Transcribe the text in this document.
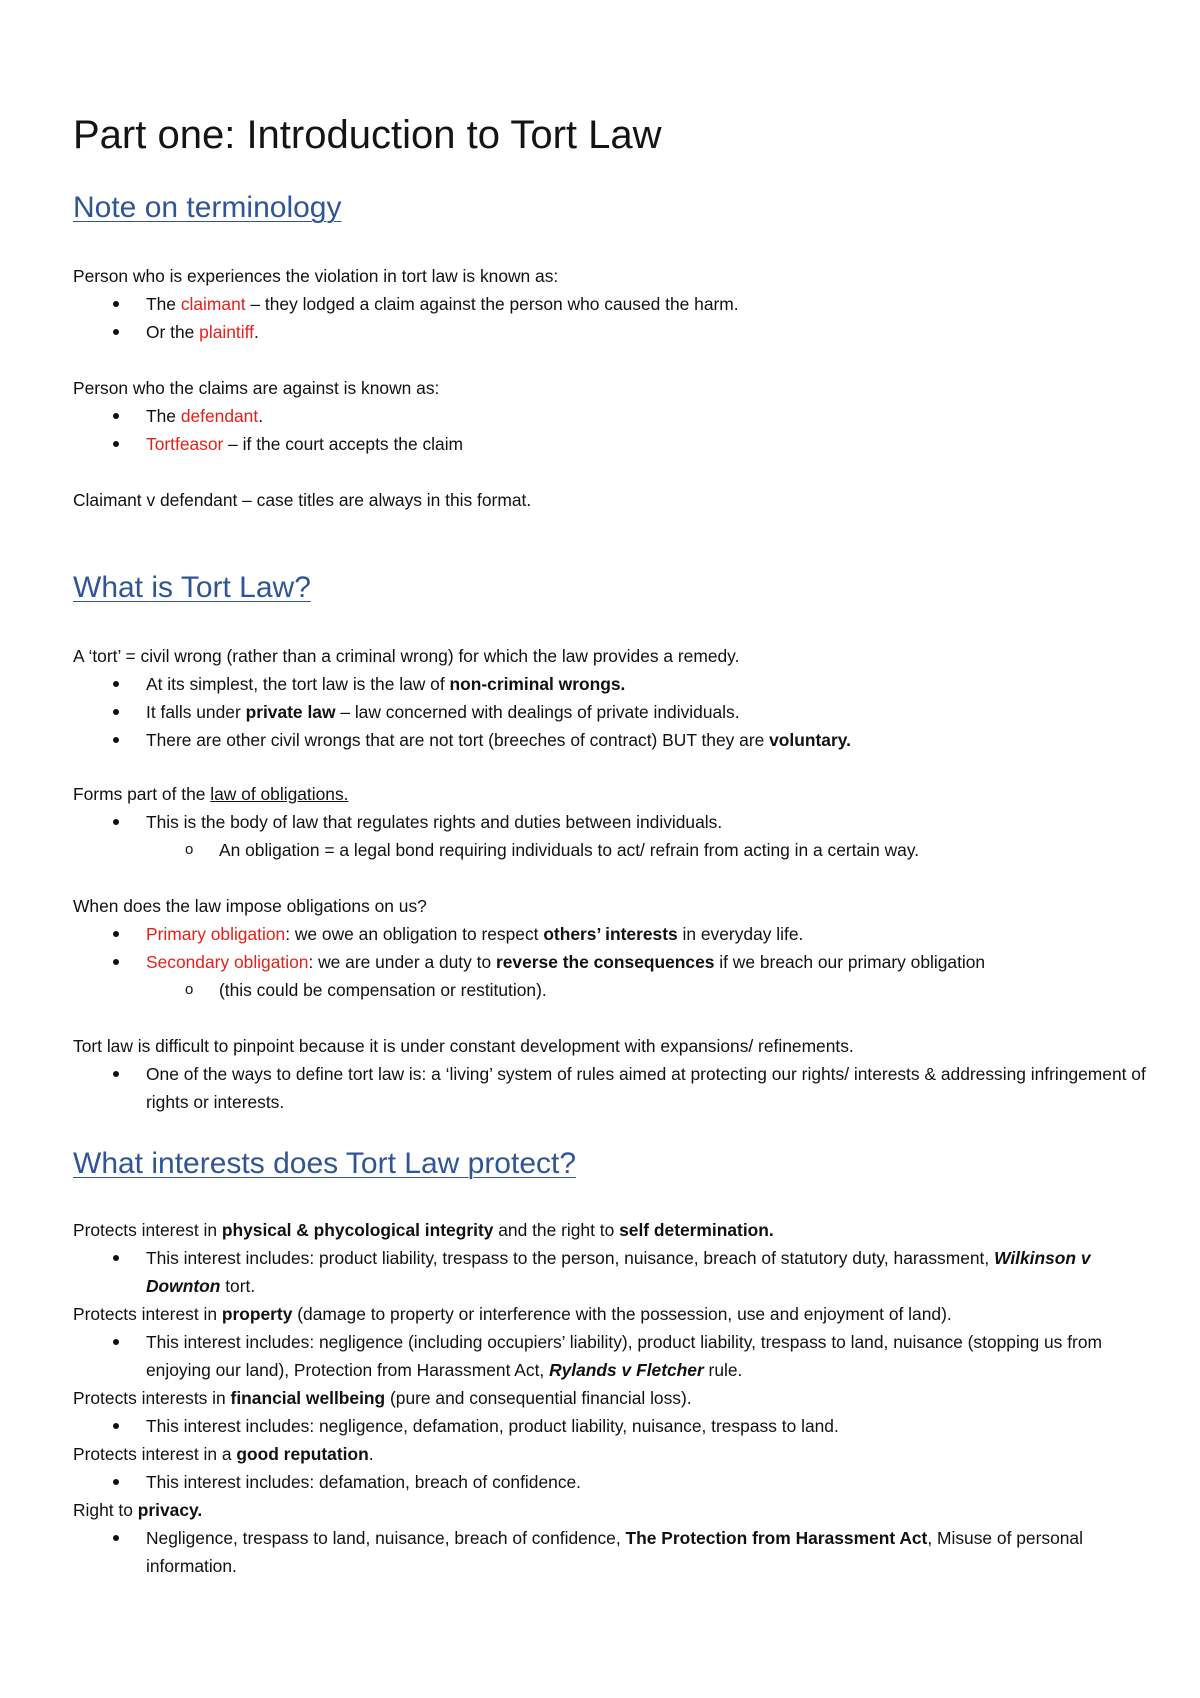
Part one: Introduction to Tort Law
Note on terminology

Person who is experiences the violation in tort law is known as:

The claimant – they lodged a claim against the person who caused the harm.
Or the plaintiff.

Person who the claims are against is known as:

The defendant.
Tortfeasor – if the court accepts the claim

Claimant v defendant – case titles are always in this format.

What is Tort Law?

A ‘tort’ = civil wrong (rather than a criminal wrong) for which the law provides a remedy.

At its simplest, the tort law is the law of non-criminal wrongs.
It falls under private law – law concerned with dealings of private individuals.
There are other civil wrongs that are not tort (breeches of contract) BUT they are voluntary.

Forms part of the law of obligations.

This is the body of law that regulates rights and duties between individuals.
o An obligation = a legal bond requiring individuals to act/ refrain from acting in a certain way.

When does the law impose obligations on us?

Primary obligation: we owe an obligation to respect others’ interests in everyday life.
Secondary obligation: we are under a duty to reverse the consequences if we breach our primary obligation
o (this could be compensation or restitution).

Tort law is difficult to pinpoint because it is under constant development with expansions/ refinements.

One of the ways to define tort law is: a ‘living’ system of rules aimed at protecting our rights/ interests & addressing infringement of rights or interests.
What interests does Tort Law protect?

Protects interest in physical & phycological integrity and the right to self determination.

This interest includes: product liability, trespass to the person, nuisance, breach of statutory duty, harassment, Wilkinson v Downton tort.

Protects interest in property (damage to property or interference with the possession, use and enjoyment of land).

This interest includes: negligence (including occupiers’ liability), product liability, trespass to land, nuisance (stopping us from enjoying our land), Protection from Harassment Act, Rylands v Fletcher rule.

Protects interests in financial wellbeing (pure and consequential financial loss).

This interest includes: negligence, defamation, product liability, nuisance, trespass to land.

Protects interest in a good reputation.

This interest includes: defamation, breach of confidence.

Right to privacy.

Negligence, trespass to land, nuisance, breach of confidence, The Protection from Harassment Act, Misuse of personal information.
